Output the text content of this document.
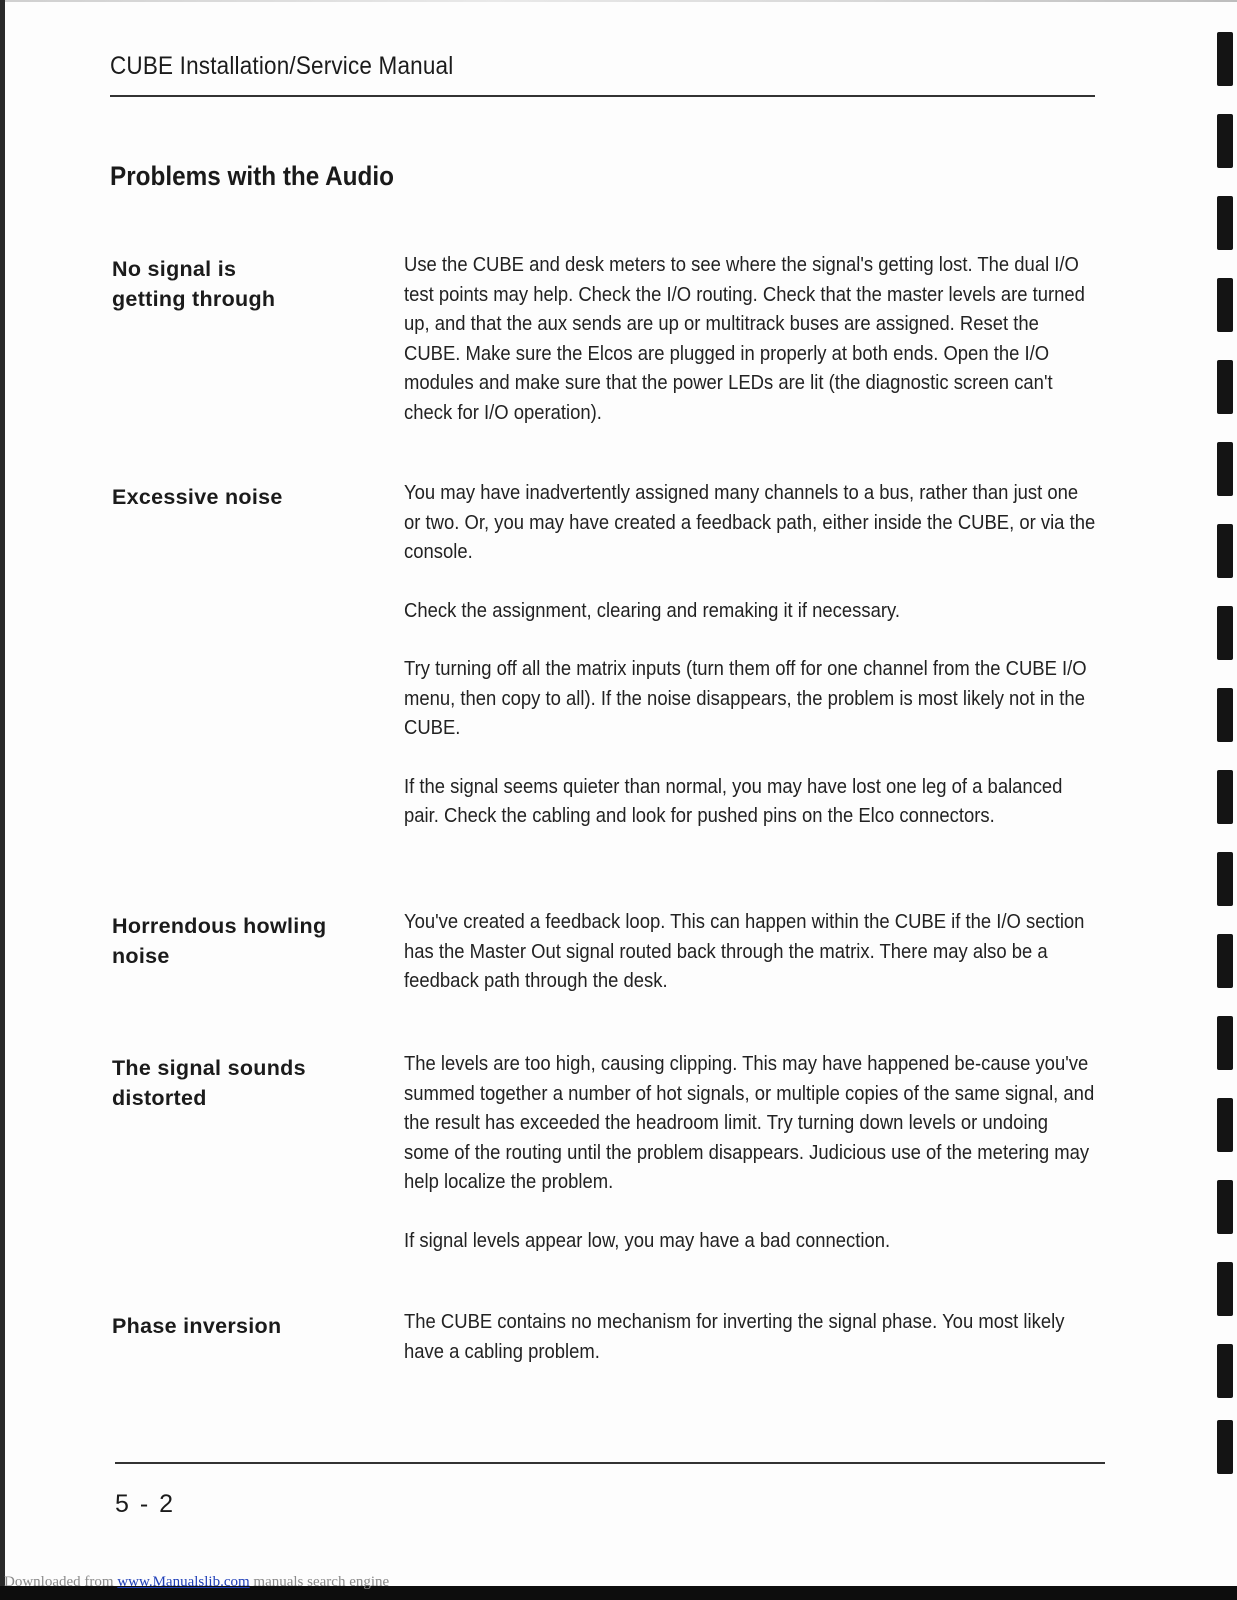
CUBE Installation/Service Manual
Problems with the Audio
No signal is
getting through

Use the CUBE and desk meters to see where the signal's getting lost. The dual I/O test points may help. Check the I/O routing. Check that the master levels are turned up, and that the aux sends are up or multitrack buses are assigned. Reset the CUBE. Make sure the Elcos are plugged in properly at both ends. Open the I/O modules and make sure that the power LEDs are lit (the diagnostic screen can't check for I/O operation).

Excessive noise	You may have inadvertently assigned many channels to a bus, rather than just one or two. Or, you may have created a feedback path, either inside the CUBE, or via the console.

Check the assignment, clearing and remaking it if necessary.

Try turning off all the matrix inputs (turn them off for one channel from the CUBE I/O menu, then copy to all). If the noise disappears, the problem is most likely not in the CUBE.

If the signal seems quieter than normal, you may have lost one leg of a balanced pair. Check the cabling and look for pushed pins on the Elco connectors.

Horrendous howling
noise

You've created a feedback loop. This can happen within the CUBE if the I/O section has the Master Out signal routed back through the matrix. There may also be a feedback path through the desk.

The signal sounds
distorted

The levels are too high, causing clipping. This may have happened be-cause you've summed together a number of hot signals, or multiple copies of the same signal, and the result has exceeded the headroom limit. Try turning down levels or undoing some of the routing until the problem disappears. Judicious use of the metering may help localize the problem.

If signal levels appear low, you may have a bad connection.

Phase inversion	The CUBE contains no mechanism for inverting the signal phase. You most likely have a cabling problem.

5 - 2
Downloaded from www.Manualslib.com manuals search engine
